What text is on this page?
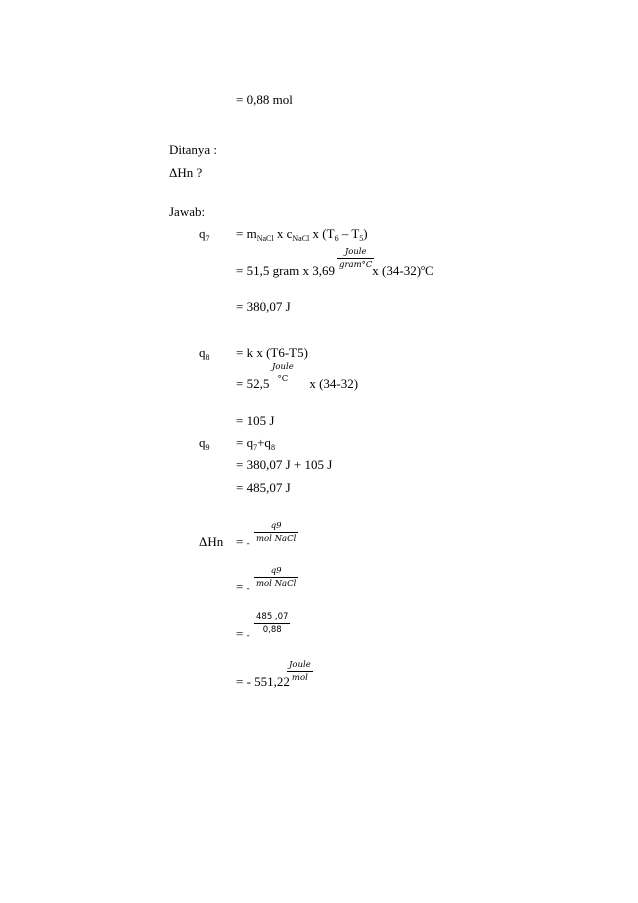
= 0,88 mol
Ditanya :
ΔHn ?
Jawab:
$q_7 = m_{NaCl}$ x $c_{NaCl}$ x $(T_6 - T_5)$
= 51,5 gram x 3,69	x $(34-32)^oC$
Joule
gram°C
= 380,07 J
$q_8 = k$ x (T6-T5)
= 52,5	x (34-32)
Joule
°C
= 105 J
$q_9 = q_7+q_8$
= 380,07 J + 105 J
= 485,07 J
ΔHn = -
q9
mol NaCl
= -
q9
mol NaCl
= -
$\frac{485 ,07}{0,88}$
= - 551,22
Joule
mol
